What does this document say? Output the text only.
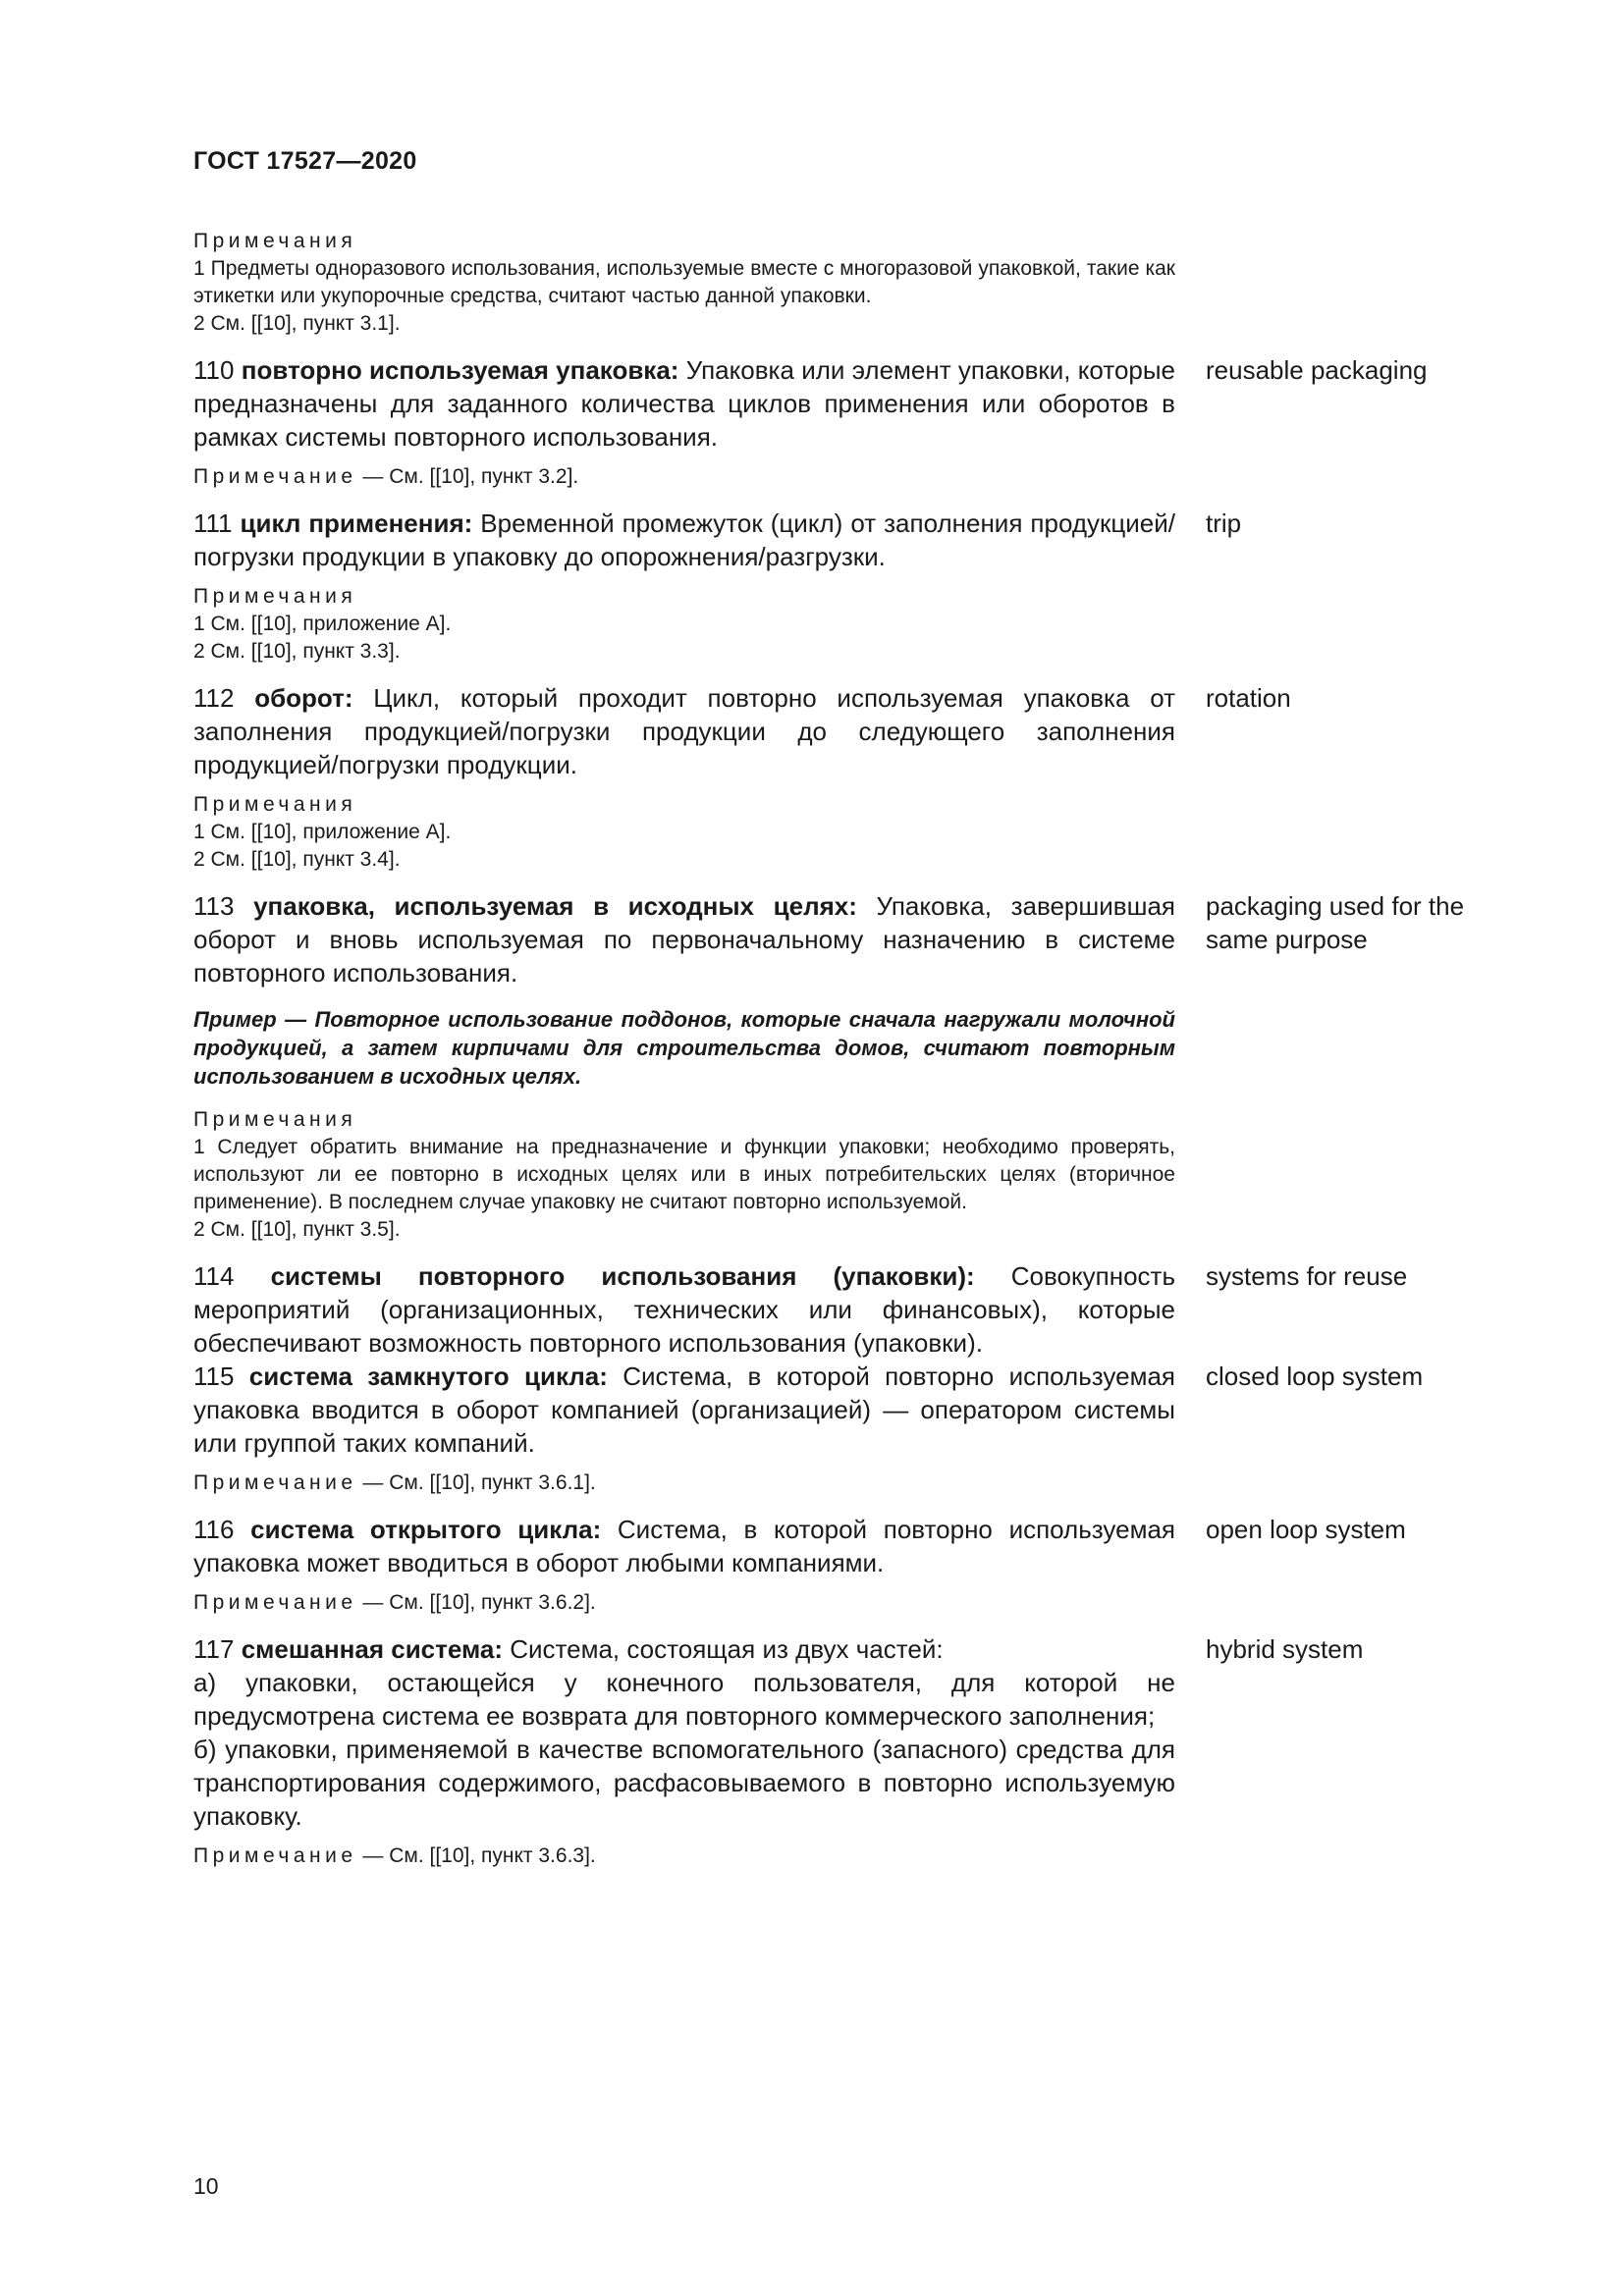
ГОСТ 17527—2020
Примечания
1 Предметы одноразового использования, используемые вместе с многоразовой упаковкой, такие как этикетки или укупорочные средства, считают частью данной упаковки.
2 См. [[10], пункт 3.1].
110 повторно используемая упаковка: Упаковка или элемент упаковки, которые предназначены для заданного количества циклов применения или оборотов в рамках системы повторного использования.
reusable packaging
Примечание — См. [[10], пункт 3.2].
111 цикл применения: Временной промежуток (цикл) от заполнения продукцией/погрузки продукции в упаковку до опорожнения/разгрузки.
trip
Примечания
1 См. [[10], приложение А].
2 См. [[10], пункт 3.3].
112 оборот: Цикл, который проходит повторно используемая упаковка от заполнения продукцией/погрузки продукции до следующего заполнения продукцией/погрузки продукции.
rotation
Примечания
1 См. [[10], приложение А].
2 См. [[10], пункт 3.4].
113 упаковка, используемая в исходных целях: Упаковка, завершившая оборот и вновь используемая по первоначальному назначению в системе повторного использования.
packaging used for the same purpose
Пример — Повторное использование поддонов, которые сначала нагружали молочной продукцией, а затем кирпичами для строительства домов, считают повторным использованием в исходных целях.
Примечания
1 Следует обратить внимание на предназначение и функции упаковки; необходимо проверять, используют ли ее повторно в исходных целях или в иных потребительских целях (вторичное применение). В последнем случае упаковку не считают повторно используемой.
2 См. [[10], пункт 3.5].
114 системы повторного использования (упаковки): Совокупность мероприятий (организационных, технических или финансовых), которые обеспечивают возможность повторного использования (упаковки).
systems for reuse
115 система замкнутого цикла: Система, в которой повторно используемая упаковка вводится в оборот компанией (организацией) — оператором системы или группой таких компаний.
closed loop system
Примечание — См. [[10], пункт 3.6.1].
116 система открытого цикла: Система, в которой повторно используемая упаковка может вводиться в оборот любыми компаниями.
open loop system
Примечание — См. [[10], пункт 3.6.2].
117 смешанная система: Система, состоящая из двух частей:
а) упаковки, остающейся у конечного пользователя, для которой не предусмотрена система ее возврата для повторного коммерческого заполнения;
б) упаковки, применяемой в качестве вспомогательного (запасного) средства для транспортирования содержимого, расфасовываемого в повторно используемую упаковку.
hybrid system
Примечание — См. [[10], пункт 3.6.3].
10
